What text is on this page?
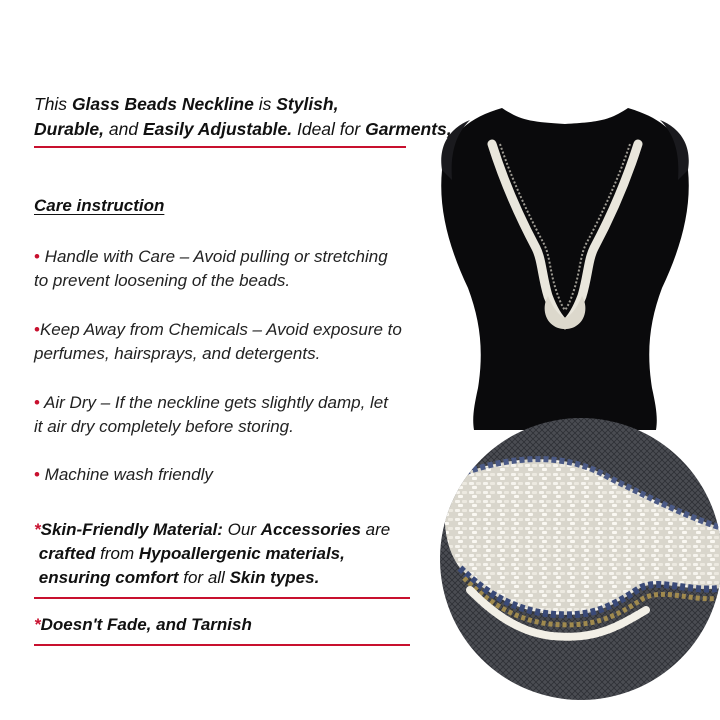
This Glass Beads Neckline is Stylish,
Durable, and Easily Adjustable. Ideal for Garments,
Care instruction
• Handle with Care – Avoid pulling or stretching
to prevent loosening of the beads.
•Keep Away from Chemicals – Avoid exposure to
perfumes, hairsprays, and detergents.
• Air Dry – If the neckline gets slightly damp, let
it air dry completely before storing.
• Machine wash friendly
*Skin-Friendly Material: Our Accessories are
crafted from Hypoallergenic materials,
ensuring comfort for all Skin types.
*Doesn't Fade, and Tarnish
